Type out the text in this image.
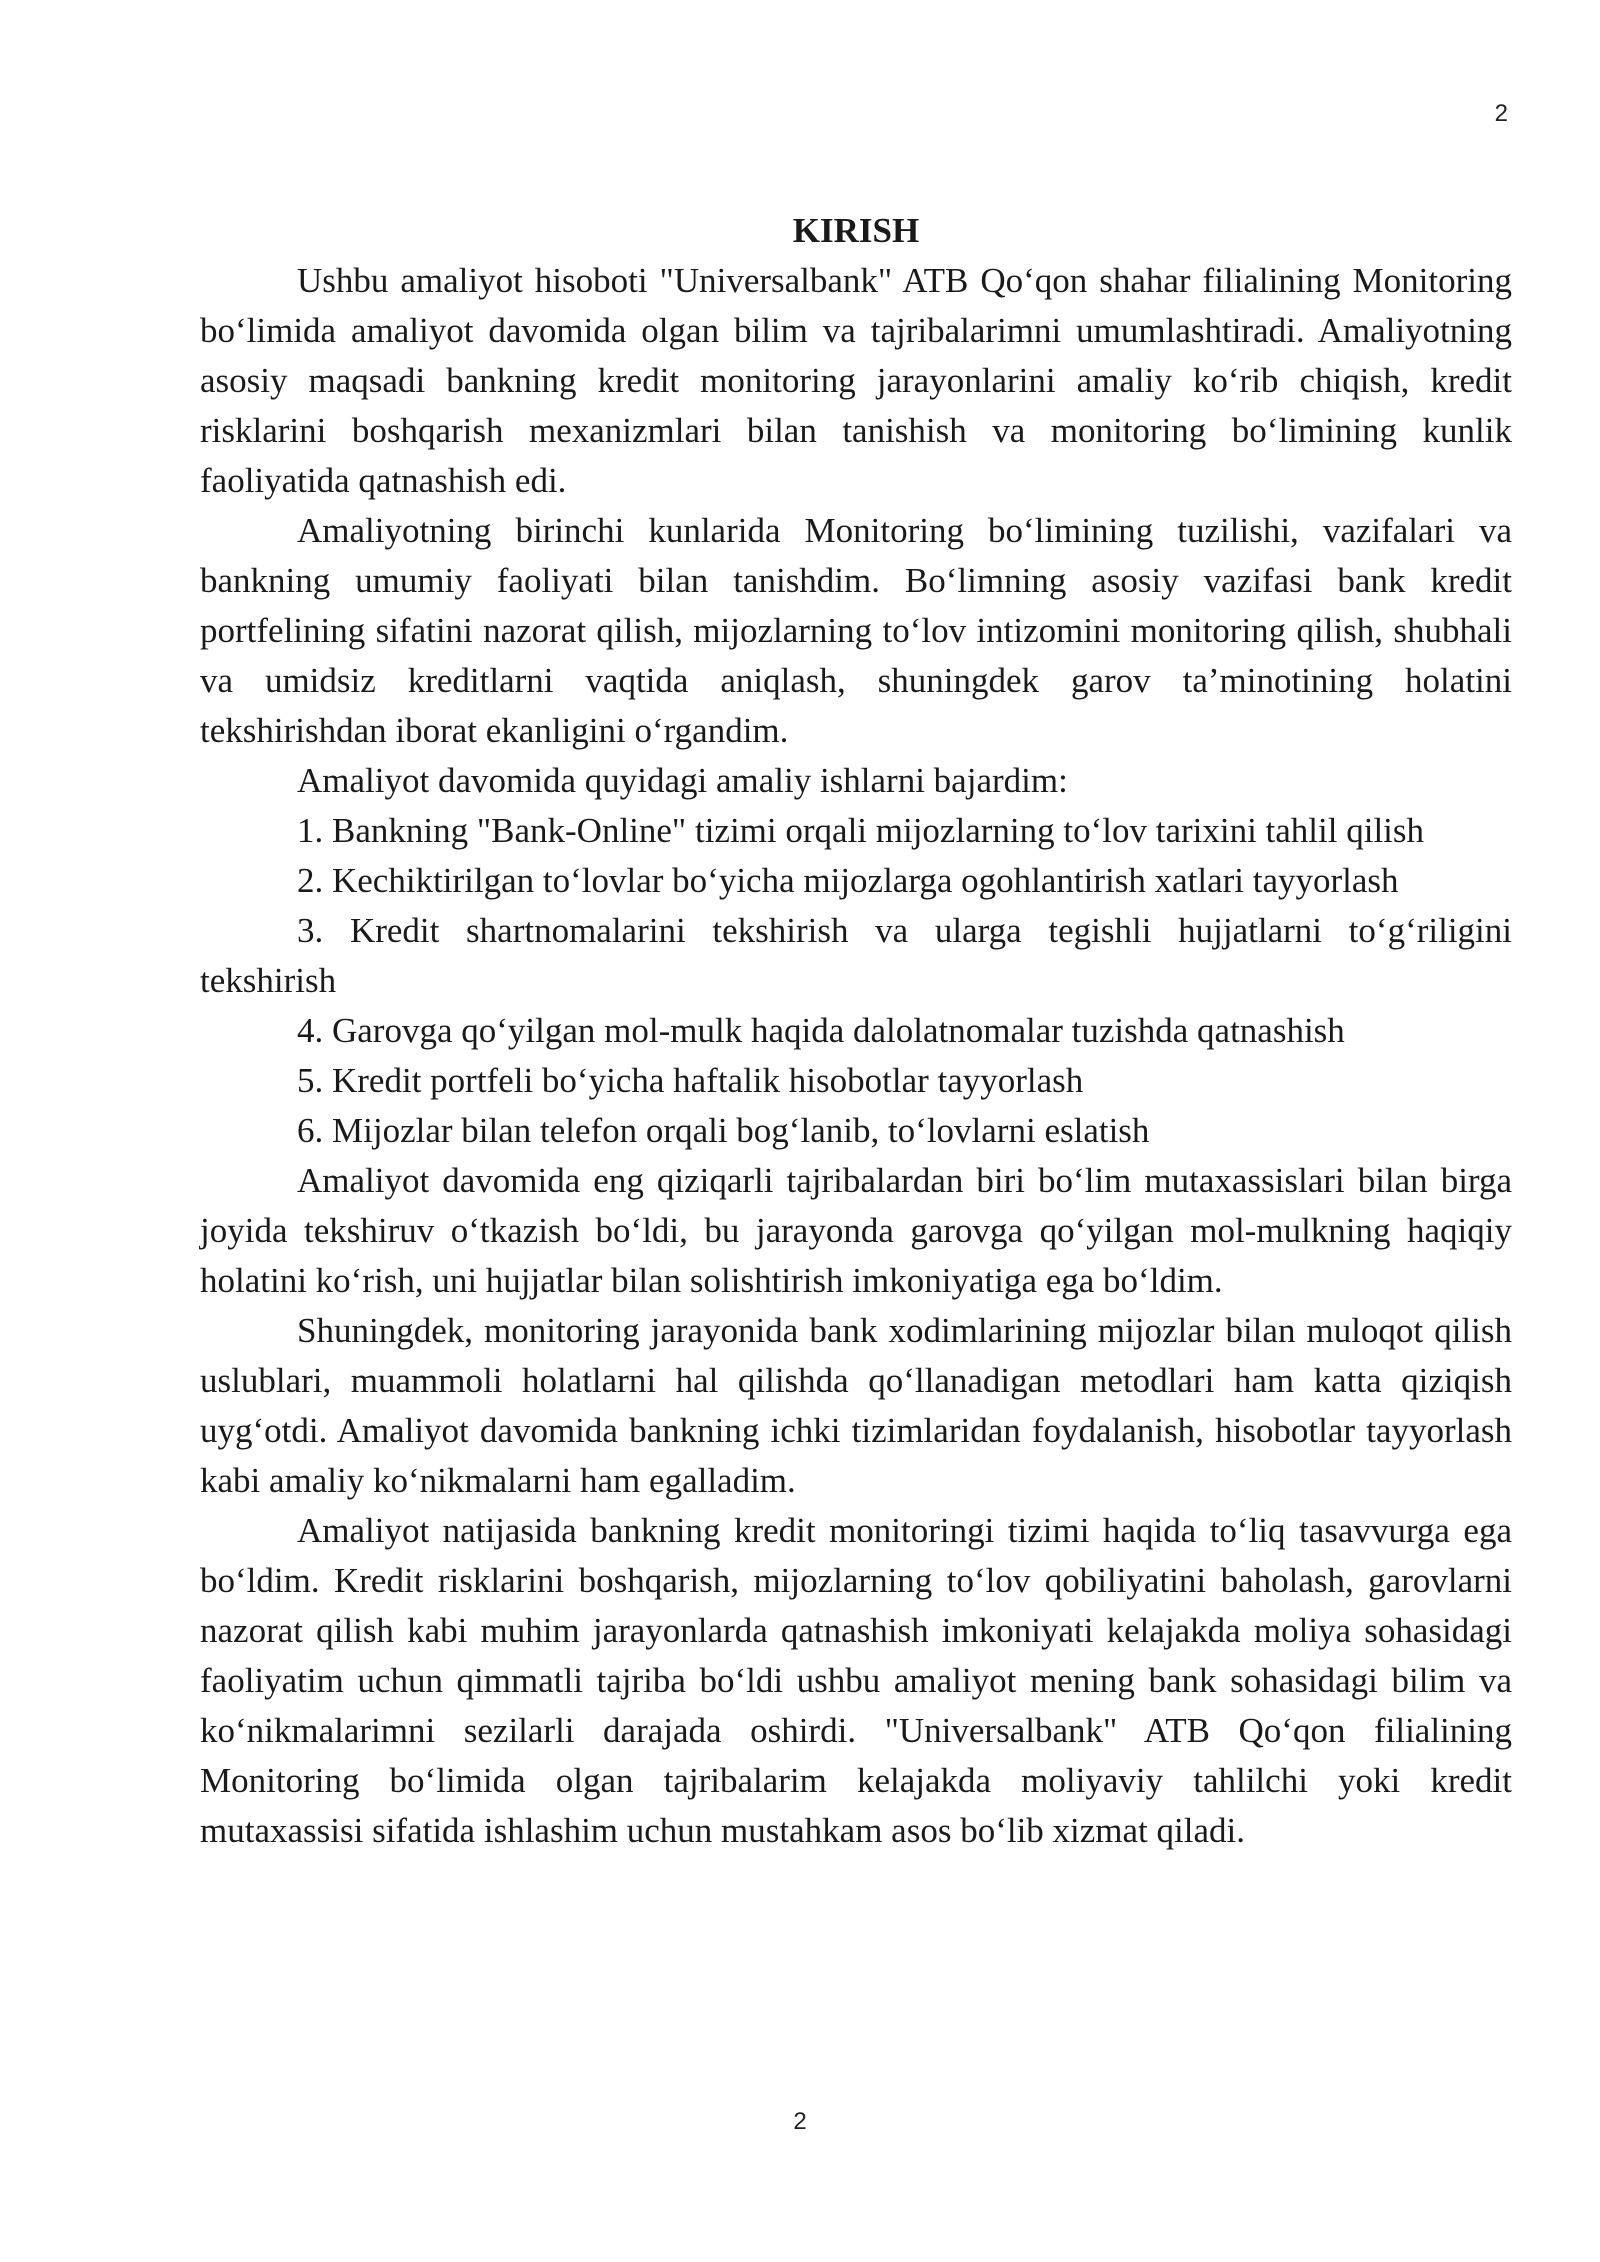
2
KIRISH

Ushbu amaliyot hisoboti "Universalbank" ATB Qo‘qon shahar filialining Monitoring bo‘limida amaliyot davomida olgan bilim va tajribalarimni umumlashtiradi. Amaliyotning asosiy maqsadi bankning kredit monitoring jarayonlarini amaliy ko‘rib chiqish, kredit risklarini boshqarish mexanizmlari bilan tanishish va monitoring bo‘limining kunlik faoliyatida qatnashish edi.

Amaliyotning birinchi kunlarida Monitoring bo‘limining tuzilishi, vazifalari va bankning umumiy faoliyati bilan tanishdim. Bo‘limning asosiy vazifasi bank kredit portfelining sifatini nazorat qilish, mijozlarning to‘lov intizomini monitoring qilish, shubhali va umidsiz kreditlarni vaqtida aniqlash, shuningdek garov ta’minotining holatini tekshirishdan iborat ekanligini o‘rgandim.

Amaliyot davomida quyidagi amaliy ishlarni bajardim:

1. Bankning "Bank-Online" tizimi orqali mijozlarning to‘lov tarixini tahlil qilish

2. Kechiktirilgan to‘lovlar bo‘yicha mijozlarga ogohlantirish xatlari tayyorlash

3. Kredit shartnomalarini tekshirish va ularga tegishli hujjatlarni to‘g‘riligini tekshirish

4. Garovga qo‘yilgan mol-mulk haqida dalolatnomalar tuzishda qatnashish

5. Kredit portfeli bo‘yicha haftalik hisobotlar tayyorlash

6. Mijozlar bilan telefon orqali bog‘lanib, to‘lovlarni eslatish

Amaliyot davomida eng qiziqarli tajribalardan biri bo‘lim mutaxassislari bilan birga joyida tekshiruv o‘tkazish bo‘ldi, bu jarayonda garovga qo‘yilgan mol-mulkning haqiqiy holatini ko‘rish, uni hujjatlar bilan solishtirish imkoniyatiga ega bo‘ldim.

Shuningdek, monitoring jarayonida bank xodimlarining mijozlar bilan muloqot qilish uslublari, muammoli holatlarni hal qilishda qo‘llanadigan metodlari ham katta qiziqish uyg‘otdi. Amaliyot davomida bankning ichki tizimlaridan foydalanish, hisobotlar tayyorlash kabi amaliy ko‘nikmalarni ham egalladim.

Amaliyot natijasida bankning kredit monitoringi tizimi haqida to‘liq tasavvurga ega bo‘ldim. Kredit risklarini boshqarish, mijozlarning to‘lov qobiliyatini baholash, garovlarni nazorat qilish kabi muhim jarayonlarda qatnashish imkoniyati kelajakda moliya sohasidagi faoliyatim uchun qimmatli tajriba bo‘ldi ushbu amaliyot mening bank sohasidagi bilim va ko‘nikmalarimni sezilarli darajada oshirdi. "Universalbank" ATB Qo‘qon filialining Monitoring bo‘limida olgan tajribalarim kelajakda moliyaviy tahlilchi yoki kredit mutaxassisi sifatida ishlashim uchun mustahkam asos bo‘lib xizmat qiladi.

2
